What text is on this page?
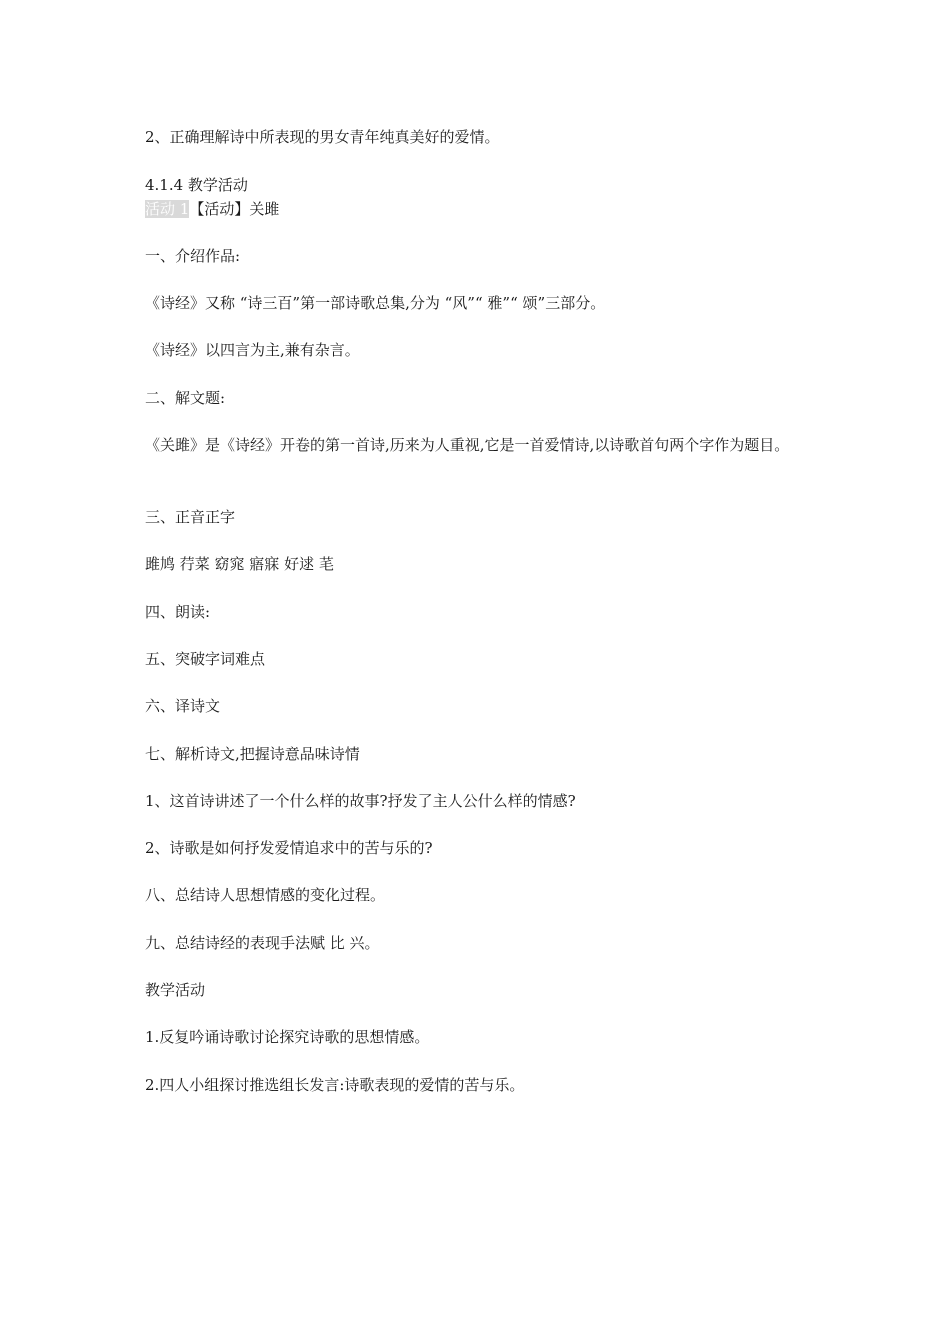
2、正确理解诗中所表现的男女青年纯真美好的爱情。
4.1.4 教学活动
活动 1【活动】关雎
一、介绍作品:
《诗经》又称 “诗三百”第一部诗歌总集,分为 “风”“ 雅”“ 颂”三部分。
《诗经》以四言为主,兼有杂言。
二、解文题:
《关雎》是《诗经》开卷的第一首诗,历来为人重视,它是一首爱情诗,以诗歌首句两个字作为题目。
三、正音正字
雎鸠 荇菜 窈窕 寤寐 好逑 芼
四、朗读:
五、突破字词难点
六、译诗文
七、解析诗文,把握诗意品味诗情
1、这首诗讲述了一个什么样的故事?抒发了主人公什么样的情感?
2、诗歌是如何抒发爱情追求中的苦与乐的?
八、总结诗人思想情感的变化过程。
九、总结诗经的表现手法赋 比 兴。
教学活动
1.反复吟诵诗歌讨论探究诗歌的思想情感。
2.四人小组探讨推选组长发言:诗歌表现的爱情的苦与乐。
